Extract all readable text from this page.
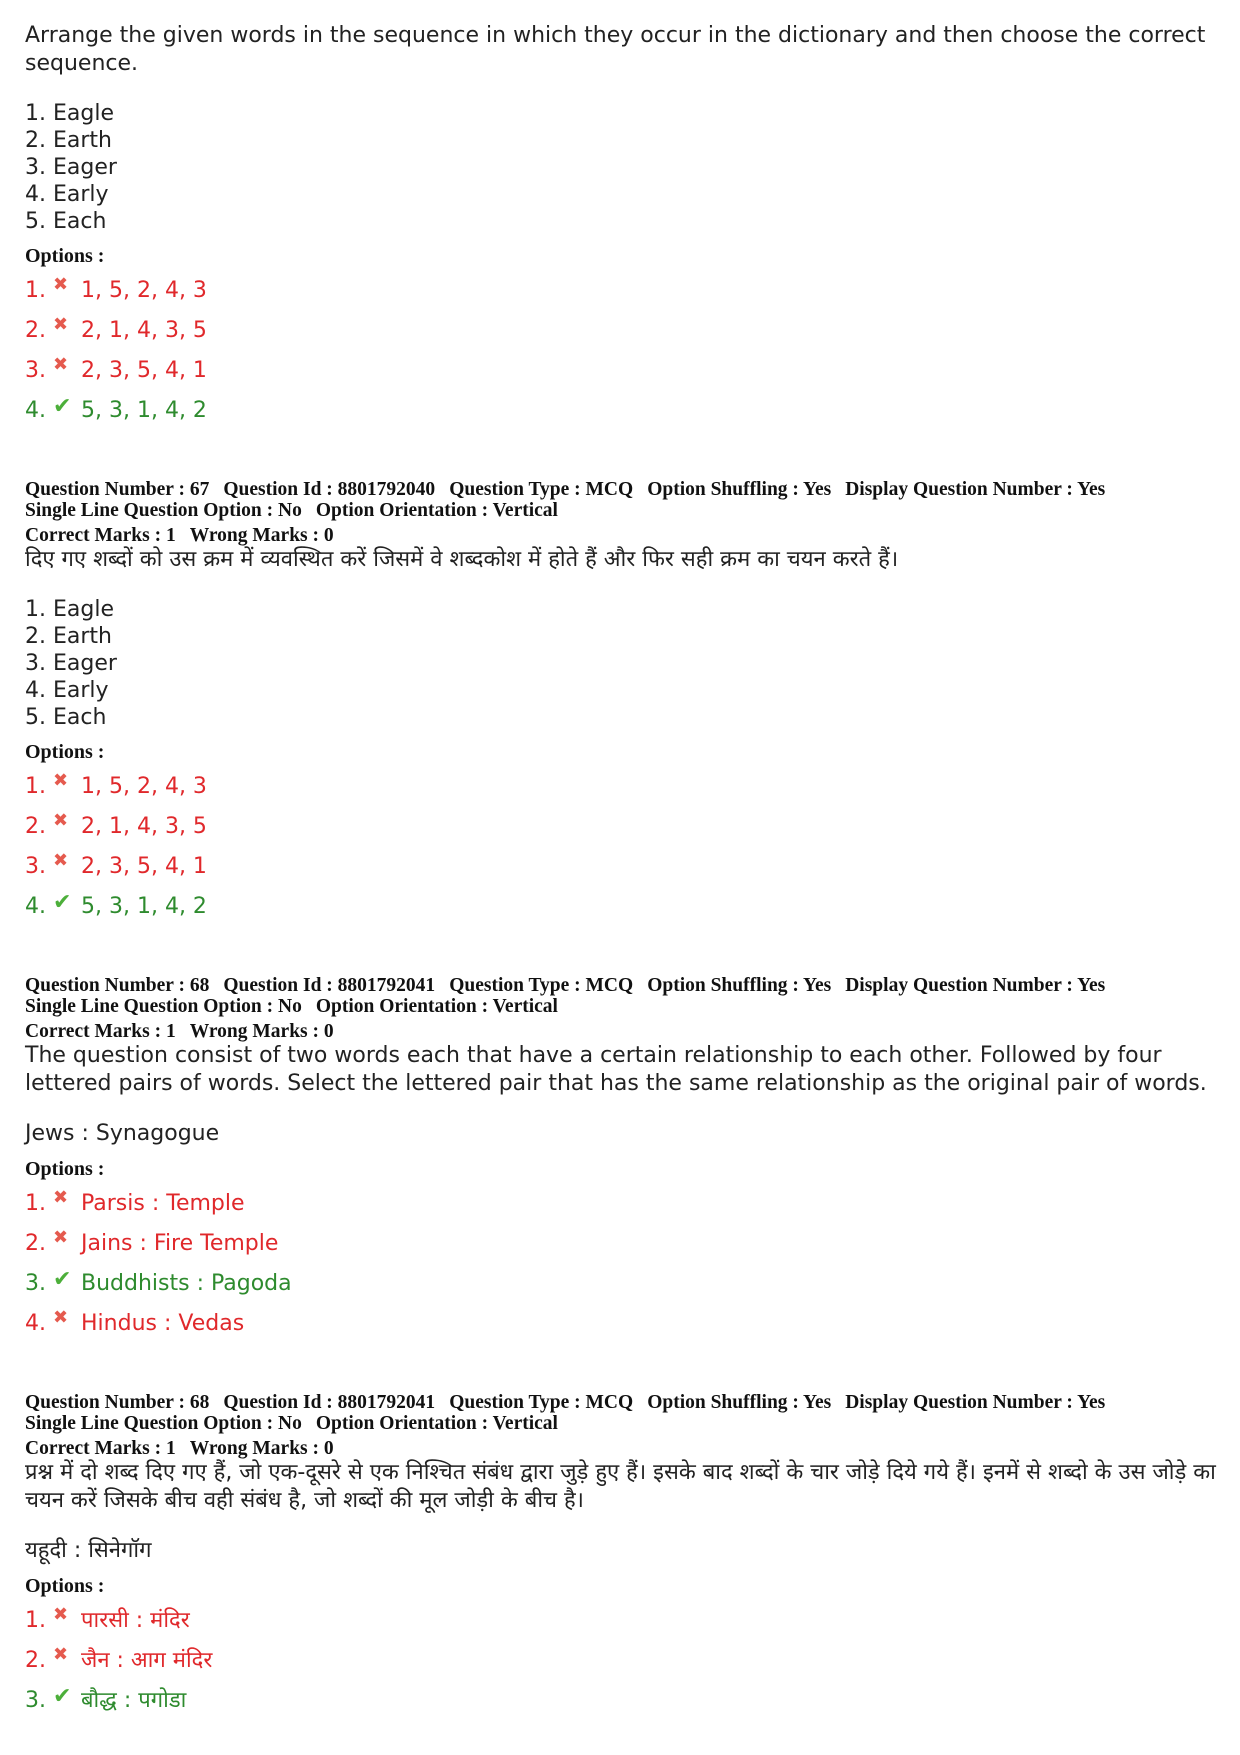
Arrange the given words in the sequence in which they occur in the dictionary and then choose the correct sequence.

1. Eagle
2. Earth
3. Eager
4. Early
5. Each
Options :
1. ✖ 1, 5, 2, 4, 3
2. ✖ 2, 1, 4, 3, 5
3. ✖ 2, 3, 5, 4, 1
4. ✔ 5, 3, 1, 4, 2
Question Number : 67 Question Id : 8801792040 Question Type : MCQ Option Shuffling : Yes Display Question Number : Yes
Single Line Question Option : No Option Orientation : Vertical
Correct Marks : 1 Wrong Marks : 0

दिए गए शब्दों को उस क्रम में व्यवस्थित करें जिसमें वे शब्दकोश में होते हैं और फिर सही क्रम का चयन करते हैं।

1. Eagle
2. Earth
3. Eager
4. Early
5. Each
Options :
1. ✖ 1, 5, 2, 4, 3
2. ✖ 2, 1, 4, 3, 5
3. ✖ 2, 3, 5, 4, 1
4. ✔ 5, 3, 1, 4, 2
Question Number : 68 Question Id : 8801792041 Question Type : MCQ Option Shuffling : Yes Display Question Number : Yes
Single Line Question Option : No Option Orientation : Vertical
Correct Marks : 1 Wrong Marks : 0

The question consist of two words each that have a certain relationship to each other. Followed by four lettered pairs of words. Select the lettered pair that has the same relationship as the original pair of words.

Jews : Synagogue
Options :
1. ✖ Parsis : Temple
2. ✖ Jains : Fire Temple
3. ✔ Buddhists : Pagoda
4. ✖ Hindus : Vedas
Question Number : 68 Question Id : 8801792041 Question Type : MCQ Option Shuffling : Yes Display Question Number : Yes
Single Line Question Option : No Option Orientation : Vertical
Correct Marks : 1 Wrong Marks : 0

प्रश्न में दो शब्द दिए गए हैं, जो एक-दूसरे से एक निश्चित संबंध द्वारा जुड़े हुए हैं। इसके बाद शब्दों के चार जोड़े दिये गये हैं। इनमें से शब्दो के उस जोड़े का चयन करें जिसके बीच वही संबंध है, जो शब्दों की मूल जोड़ी के बीच है।

यहूदी : सिनेगॉग
Options :
1. ✖ पारसी : मंदिर
2. ✖ जैन : आग मंदिर
3. ✔ बौद्ध : पगोडा
